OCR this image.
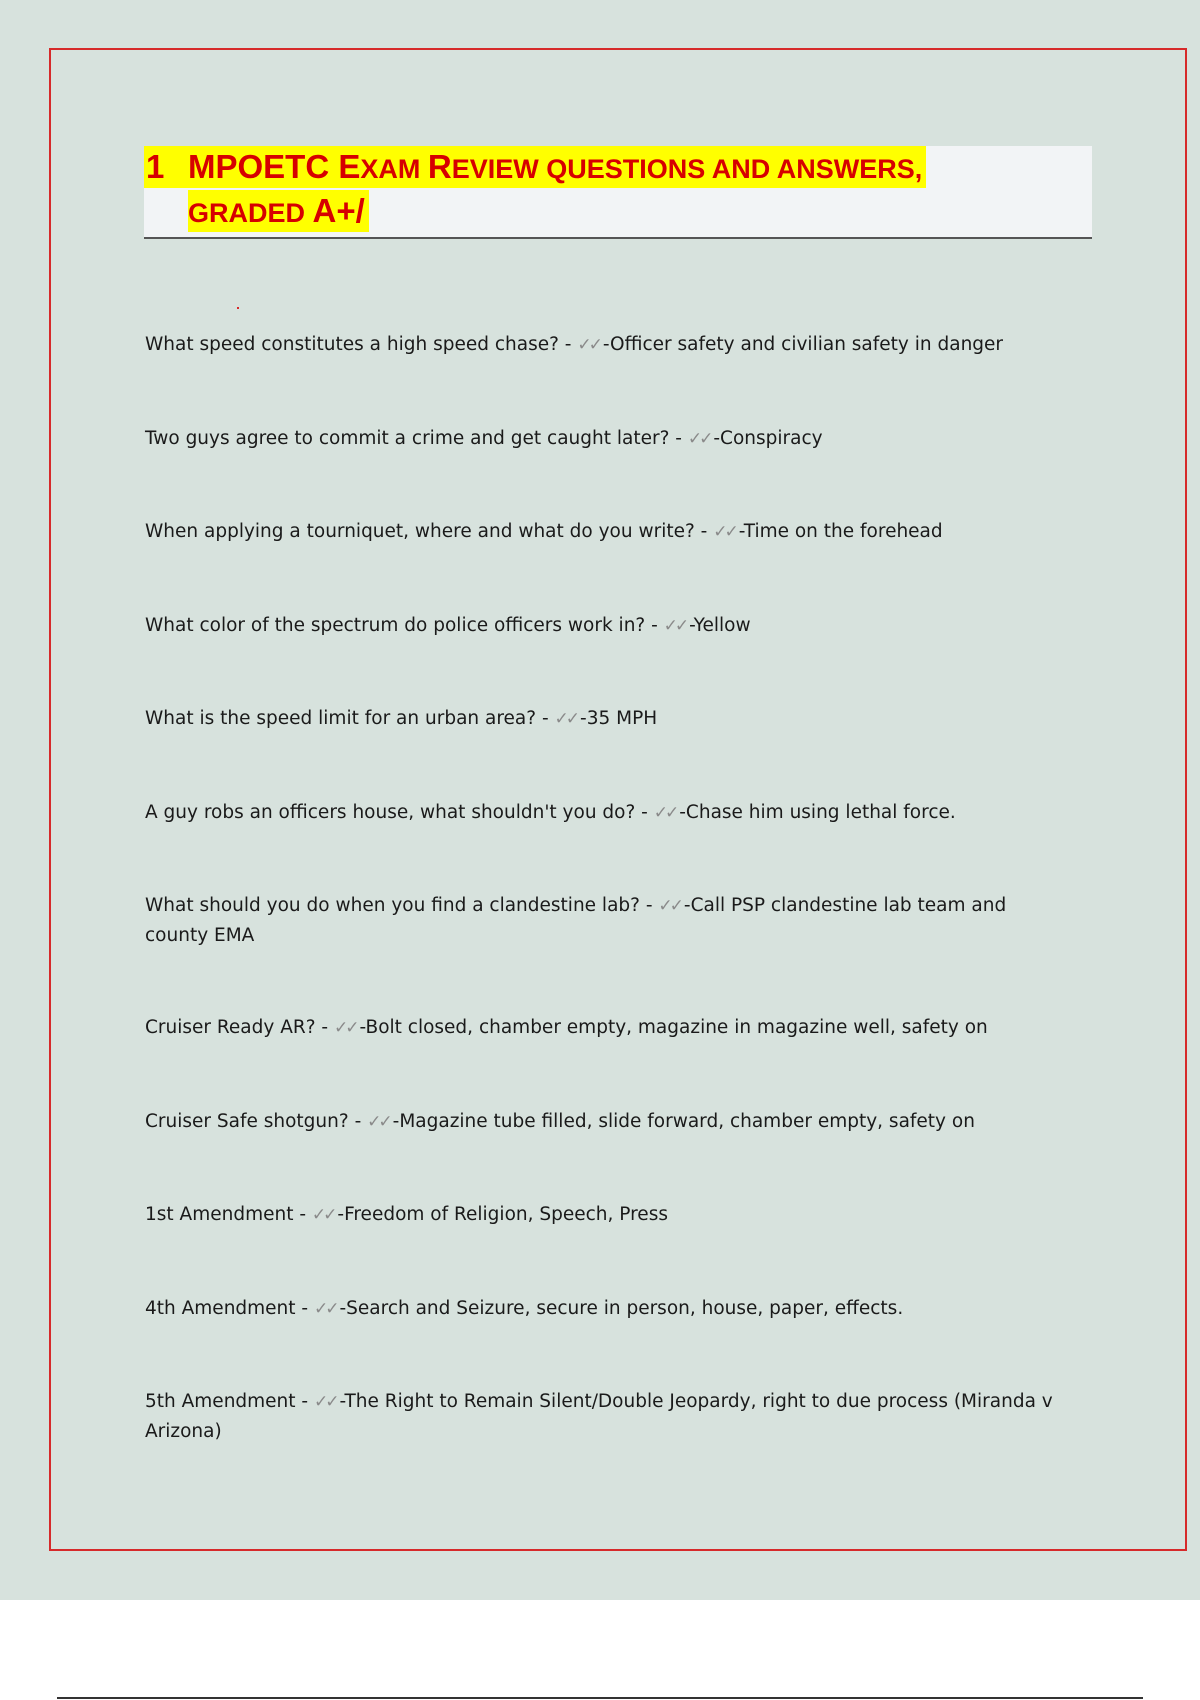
1 MPOETC EXAM REVIEW QUESTIONS AND ANSWERS,
GRADED A+/
What speed constitutes a high speed chase? - ✓✓ -Officer safety and civilian safety in danger
Two guys agree to commit a crime and get caught later? - ✓✓ -Conspiracy
When applying a tourniquet, where and what do you write? - ✓✓ -Time on the forehead
What color of the spectrum do police officers work in? - ✓✓ -Yellow
What is the speed limit for an urban area? - ✓✓ -35 MPH
A guy robs an officers house, what shouldn't you do? - ✓✓ -Chase him using lethal force.
What should you do when you find a clandestine lab? - ✓✓ -Call PSP clandestine lab team and county EMA
Cruiser Ready AR? - ✓✓ -Bolt closed, chamber empty, magazine in magazine well, safety on
Cruiser Safe shotgun? - ✓✓ -Magazine tube filled, slide forward, chamber empty, safety on
1st Amendment - ✓✓ -Freedom of Religion, Speech, Press
4th Amendment - ✓✓ -Search and Seizure, secure in person, house, paper, effects.
5th Amendment - ✓✓ -The Right to Remain Silent/Double Jeopardy, right to due process (Miranda v Arizona)
